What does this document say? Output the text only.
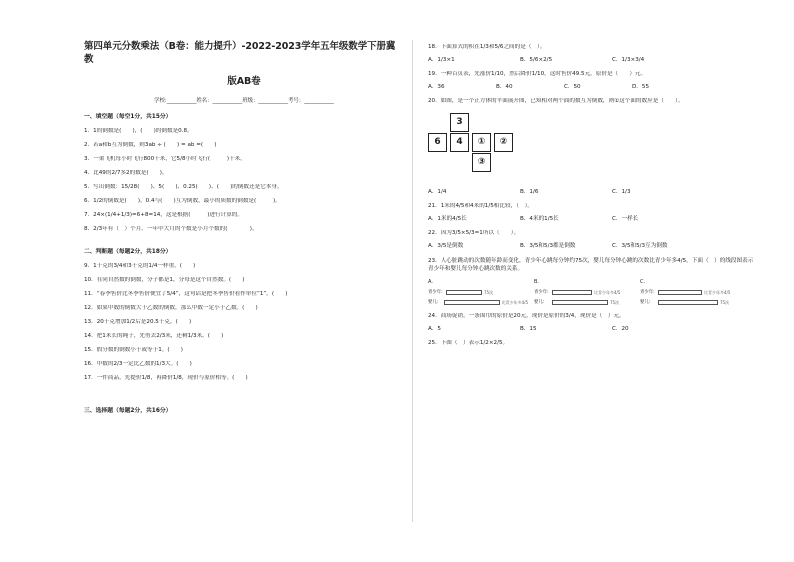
第四单元分数乘法（B卷：能力提升）-2022-2023学年五年级数学下册冀教
版AB卷
学校:___________姓名：___________班级：___________考号：___________
一、填空题（每空1分，共15分）
1．1的倒数是(　　)，(　　)的倒数是0.8。
2．若a和b互为倒数，则3ab ÷ (　　) = ab =(　　)
3．一架飞机每小时飞行800千米，它5/8小时飞行(　　　)千米。
4．比49的2/7多2的数是(　　)。
5．写出倒数：15/28(　　)、5(　　)、0.25(　　)、(　　)的倒数还是它本身。
6．1/2的倒数是(　　)，0.4与(　　)互为倒数，最小的质数的倒数是(　　　)。
7．24×(1/4+1/3)=6+8=14，这是根据(　　　)进行计算的。
8．2/3年有（　）个月。一年中大月的个数是小月个数的(　　　　)。
二、判断题（每题2分，共18分）
9．1千克的3/4和3千克的1/4一样重。(　　)
10．在同自然数的倒数，分子都是1，分母是这个自然数。(　　)
11．“春季售价比冬季售价便宜了5/4”，这句话是把冬季售价看作单位“1”。(　　)
12．如果甲数的倒数大于乙数的倒数，那么甲数一定小于乙数。(　　)
13．20千克增加1/2后是20.5千克。(　　)
14．把1米长的绳子，先剪去2/3米，还剩1/3米。(　　)
15．假分数的倒数小于或等于1。(　　)
16．甲数的2/3一定比乙数的1/3大。(　　)
17．一件商品，先提价1/8，再降价1/8，现价与原价相等。(　　)
三、选择题（每题2分，共16分）
18．下面算式的积在1/3和5/6之间的是（　）。
A．1/3×1	B．5/6×2/5	C．1/3×3/4
19．一种百页表，先涨价1/10，然后降价1/10，这时售价49.5元，原价是（　　）元。
A．36	B．40	C．50	D．55
20．如图，是一个正方体的平面展开图，已知相对两个面的数互为倒数，则①这个面的数应是（　　）。
3
6	4	①	②
③
A．1/4	B．1/6	C．1/3
21．1米的4/5和4米的1/5相比较，（　）。
A．1米的4/5长	B．4米的1/5长	C．一样长
22．因为3/5×5/3=1所以（　　）。
A．3/5是倒数	B．3/5和5/3都是倒数	C．3/5和5/3互为倒数
23．人心脏跳动的次数随年龄而变化，青少年心跳每分钟约75次，婴儿每分钟心跳的次数比青少年多4/5。下面（　）的线段图表示青少年和婴儿每分钟心跳次数的关系。
A.
青少年:	75次
婴儿:	比青少年多4/5
B.
青少年:	比青少年多4/5
婴儿:	75次
C.
青少年:	比青少年多4/5
婴儿:	75次
24．商场促销，一条围巾的原价是20元，现价是原价的3/4，现价是（　）元。
A．5	B．15	C．20
25．下图（　）表示1/2×2/5。
